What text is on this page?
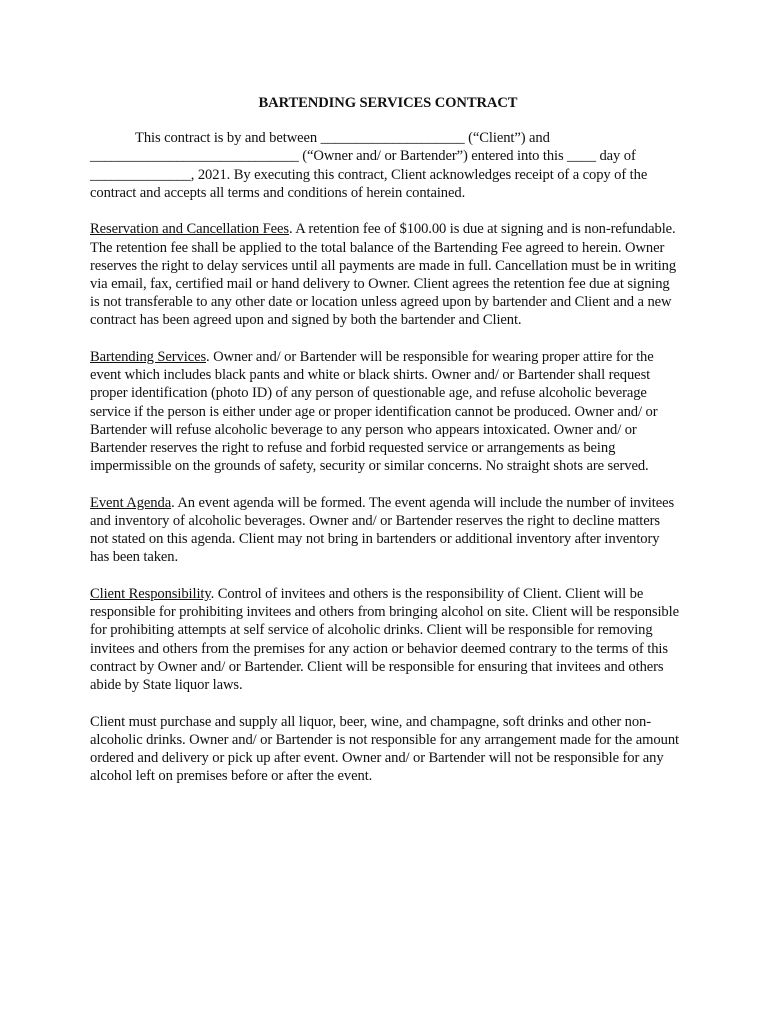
BARTENDING SERVICES CONTRACT
This contract is by and between ____________________ (“Client”) and
_____________________________ (“Owner and/ or Bartender”) entered into this ____ day of
______________, 2021. By executing this contract, Client acknowledges receipt of a copy of the contract and accepts all terms and conditions of herein contained.
Reservation and Cancellation Fees. A retention fee of $100.00 is due at signing and is non-refundable. The retention fee shall be applied to the total balance of the Bartending Fee agreed to herein. Owner reserves the right to delay services until all payments are made in full. Cancellation must be in writing via email, fax, certified mail or hand delivery to Owner. Client agrees the retention fee due at signing is not transferable to any other date or location unless agreed upon by bartender and Client and a new contract has been agreed upon and signed by both the bartender and Client.
Bartending Services. Owner and/ or Bartender will be responsible for wearing proper attire for the event which includes black pants and white or black shirts. Owner and/ or Bartender shall request proper identification (photo ID) of any person of questionable age, and refuse alcoholic beverage service if the person is either under age or proper identification cannot be produced. Owner and/ or Bartender will refuse alcoholic beverage to any person who appears intoxicated. Owner and/ or Bartender reserves the right to refuse and forbid requested service or arrangements as being impermissible on the grounds of safety, security or similar concerns. No straight shots are served.
Event Agenda. An event agenda will be formed. The event agenda will include the number of invitees and inventory of alcoholic beverages. Owner and/ or Bartender reserves the right to decline matters not stated on this agenda. Client may not bring in bartenders or additional inventory after inventory has been taken.
Client Responsibility. Control of invitees and others is the responsibility of Client. Client will be responsible for prohibiting invitees and others from bringing alcohol on site. Client will be responsible for prohibiting attempts at self service of alcoholic drinks. Client will be responsible for removing invitees and others from the premises for any action or behavior deemed contrary to the terms of this contract by Owner and/ or Bartender. Client will be responsible for ensuring that invitees and others abide by State liquor laws.
Client must purchase and supply all liquor, beer, wine, and champagne, soft drinks and other non-alcoholic drinks. Owner and/ or Bartender is not responsible for any arrangement made for the amount ordered and delivery or pick up after event. Owner and/ or Bartender will not be responsible for any alcohol left on premises before or after the event.
